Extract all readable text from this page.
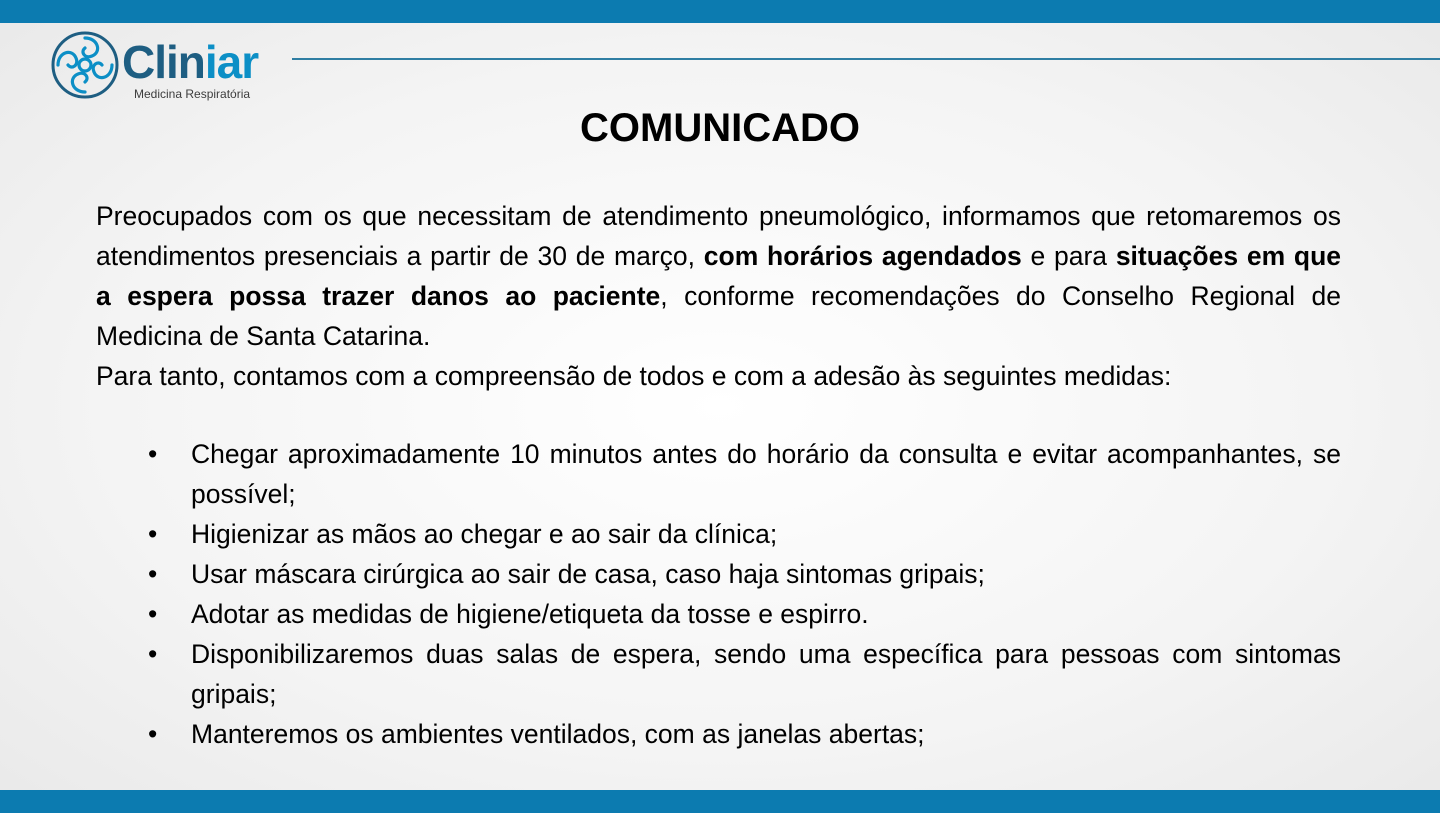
Cliniar
Medicina Respiratória
COMUNICADO

Preocupados com os que necessitam de atendimento pneumológico, informamos que retomaremos os atendimentos presenciais a partir de 30 de março, com horários agendados e para situações em que a espera possa trazer danos ao paciente, conforme recomendações do Conselho Regional de Medicina de Santa Catarina.

Para tanto, contamos com a compreensão de todos e com a adesão às seguintes medidas:

• Chegar aproximadamente 10 minutos antes do horário da consulta e evitar acompanhantes, se possível;
• Higienizar as mãos ao chegar e ao sair da clínica;
• Usar máscara cirúrgica ao sair de casa, caso haja sintomas gripais;
• Adotar as medidas de higiene/etiqueta da tosse e espirro.
• Disponibilizaremos duas salas de espera, sendo uma específica para pessoas com sintomas gripais;
• Manteremos os ambientes ventilados, com as janelas abertas;
